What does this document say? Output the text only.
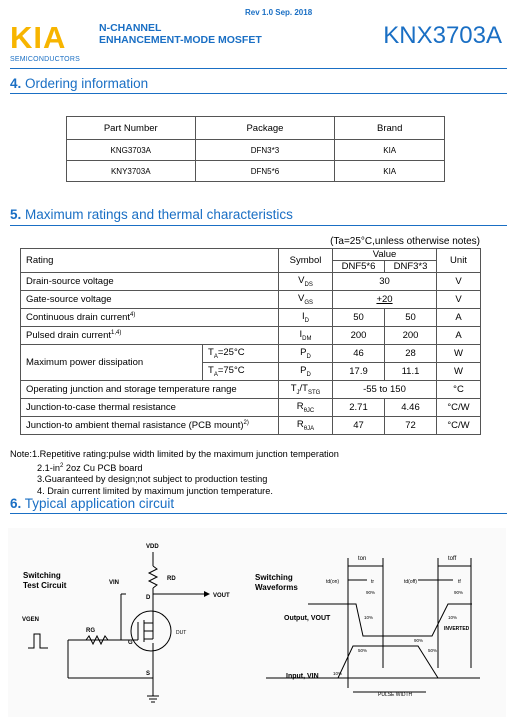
Rev 1.0 Sep. 2018
KIA
SEMICONDUCTORS
N-CHANNEL
ENHANCEMENT-MODE MOSFET	KNX3703A
4. Ordering information
Part Number	Package	Brand
KNG3703A	DFN3*3	KIA
KNY3703A	DFN5*6	KIA
5. Maximum ratings and thermal characteristics
(Ta=25°C,unless otherwise notes)
Rating		Symbol	Value		Unit
			DNF5*6	DNF3*3	
Drain-source voltage		$V_{DS}$	30		V
Gate-source voltage		$V_{GS}$	+20		V
Continuous drain current$^{4)}$		$I_D$	50	50	A
Pulsed drain current$^{1,4)}$		$I_{DM}$	200	200	A
Maximum power dissipation	$T_A=25^\circ C$	$P_D$	46	28	W
	$T_A=75^\circ C$	$P_D$	17.9	11.1	W
Operating junction and storage temperature range		$T_J/T_{STG}$	-55 to 150		°C
Junction-to-case thermal resistance		$R_{\theta JC}$	2.71	4.46	°C/W
Junction-to ambient themal rasistance (PCB mount)$^{2)}$		$R_{\theta JA}$	47	72	°C/W
Note:1.Repetitive rating:pulse width limited by the maximum junction temperation
$2.1-in^2$ 2oz Cu PCB board
3.Guaranteed by design;not subject to production testing
4. Drain current limited by maximum junction temperature.
6. Typical application circuit
Switching
Test Circuit
VDD
RD
VIN
VOUT
VGEN
RG
G
D
S
DUT
Switching
Waveforms
ton	toff
td(on)	tr	td(off)	tf
90%	90%
90%
10%	10%
10%
50%	50%
Output, VOUT
Input, VIN
INVERTED
PULSE WIDTH
